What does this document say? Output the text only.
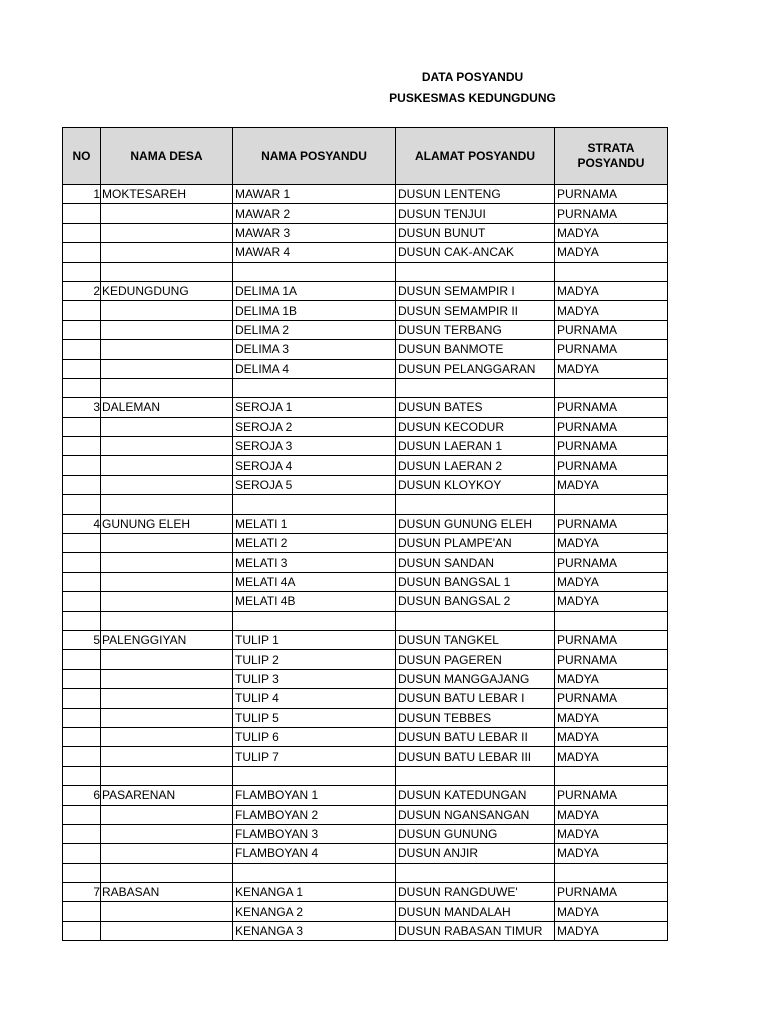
DATA POSYANDU
PUSKESMAS KEDUNGDUNG
NO	NAMA DESA	NAMA POSYANDU	ALAMAT POSYANDU	STRATA POSYANDU
1	MOKTESAREH	MAWAR 1	DUSUN LENTENG	PURNAMA
		MAWAR 2	DUSUN TENJUI	PURNAMA
		MAWAR 3	DUSUN BUNUT	MADYA
		MAWAR 4	DUSUN CAK-ANCAK	MADYA

2	KEDUNGDUNG	DELIMA 1A	DUSUN SEMAMPIR I	MADYA
		DELIMA 1B	DUSUN SEMAMPIR II	MADYA
		DELIMA 2	DUSUN TERBANG	PURNAMA
		DELIMA 3	DUSUN BANMOTE	PURNAMA
		DELIMA 4	DUSUN PELANGGARAN	MADYA

3	DALEMAN	SEROJA 1	DUSUN BATES	PURNAMA
		SEROJA 2	DUSUN KECODUR	PURNAMA
		SEROJA 3	DUSUN LAERAN 1	PURNAMA
		SEROJA 4	DUSUN LAERAN 2	PURNAMA
		SEROJA 5	DUSUN KLOYKOY	MADYA

4	GUNUNG ELEH	MELATI 1	DUSUN GUNUNG ELEH	PURNAMA
		MELATI 2	DUSUN PLAMPE'AN	MADYA
		MELATI 3	DUSUN SANDAN	PURNAMA
		MELATI 4A	DUSUN BANGSAL 1	MADYA
		MELATI 4B	DUSUN BANGSAL 2	MADYA

5	PALENGGIYAN	TULIP 1	DUSUN TANGKEL	PURNAMA
		TULIP 2	DUSUN PAGEREN	PURNAMA
		TULIP 3	DUSUN MANGGAJANG	MADYA
		TULIP 4	DUSUN BATU LEBAR I	PURNAMA
		TULIP 5	DUSUN TEBBES	MADYA
		TULIP 6	DUSUN BATU LEBAR II	MADYA
		TULIP 7	DUSUN BATU LEBAR III	MADYA

6	PASARENAN	FLAMBOYAN 1	DUSUN KATEDUNGAN	PURNAMA
		FLAMBOYAN 2	DUSUN NGANSANGAN	MADYA
		FLAMBOYAN 3	DUSUN GUNUNG	MADYA
		FLAMBOYAN 4	DUSUN ANJIR	MADYA

7	RABASAN	KENANGA 1	DUSUN RANGDUWE'	PURNAMA
		KENANGA 2	DUSUN MANDALAH	MADYA
		KENANGA 3	DUSUN RABASAN TIMUR	MADYA
